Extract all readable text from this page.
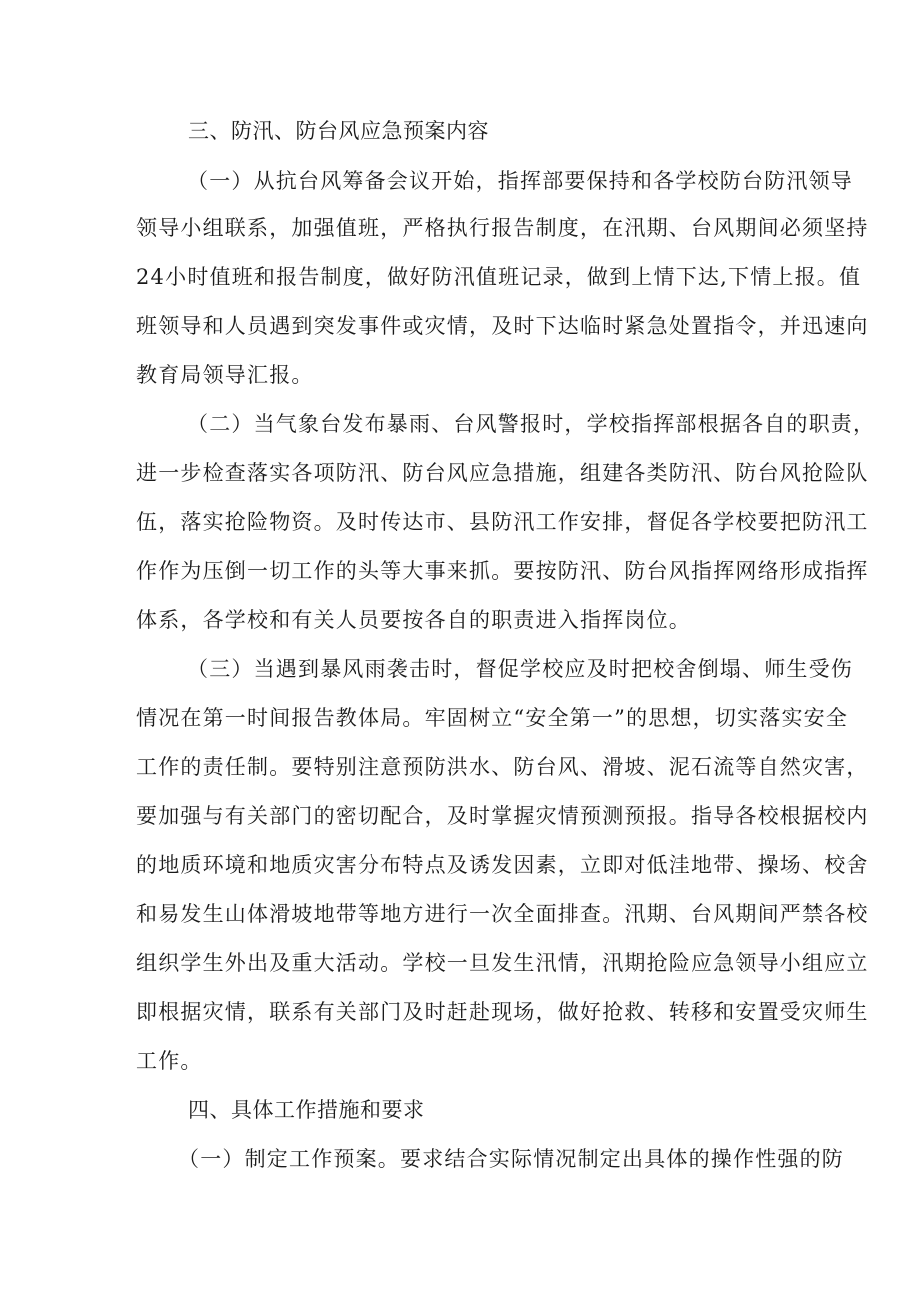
三、防汛、防台风应急预案内容

（一）从抗台风筹备会议开始，指挥部要保持和各学校防台防汛领导

领导小组联系，加强值班，严格执行报告制度，在汛期、台风期间必须坚持

24小时值班和报告制度，做好防汛值班记录，做到上情下达,下情上报。值

班领导和人员遇到突发事件或灾情，及时下达临时紧急处置指令，并迅速向

教育局领导汇报。

（二）当气象台发布暴雨、台风警报时，学校指挥部根据各自的职责，

进一步检查落实各项防汛、防台风应急措施，组建各类防汛、防台风抢险队

伍，落实抢险物资。及时传达市、县防汛工作安排，督促各学校要把防汛工

作作为压倒一切工作的头等大事来抓。要按防汛、防台风指挥网络形成指挥

体系，各学校和有关人员要按各自的职责进入指挥岗位。

（三）当遇到暴风雨袭击时，督促学校应及时把校舍倒塌、师生受伤

情况在第一时间报告教体局。牢固树立“安全第一”的思想，切实落实安全

工作的责任制。要特别注意预防洪水、防台风、滑坡、泥石流等自然灾害，

要加强与有关部门的密切配合，及时掌握灾情预测预报。指导各校根据校内

的地质环境和地质灾害分布特点及诱发因素，立即对低洼地带、操场、校舍

和易发生山体滑坡地带等地方进行一次全面排查。汛期、台风期间严禁各校

组织学生外出及重大活动。学校一旦发生汛情，汛期抢险应急领导小组应立

即根据灾情，联系有关部门及时赶赴现场，做好抢救、转移和安置受灾师生

工作。

四、具体工作措施和要求

（一）制定工作预案。要求结合实际情况制定出具体的操作性强的防
